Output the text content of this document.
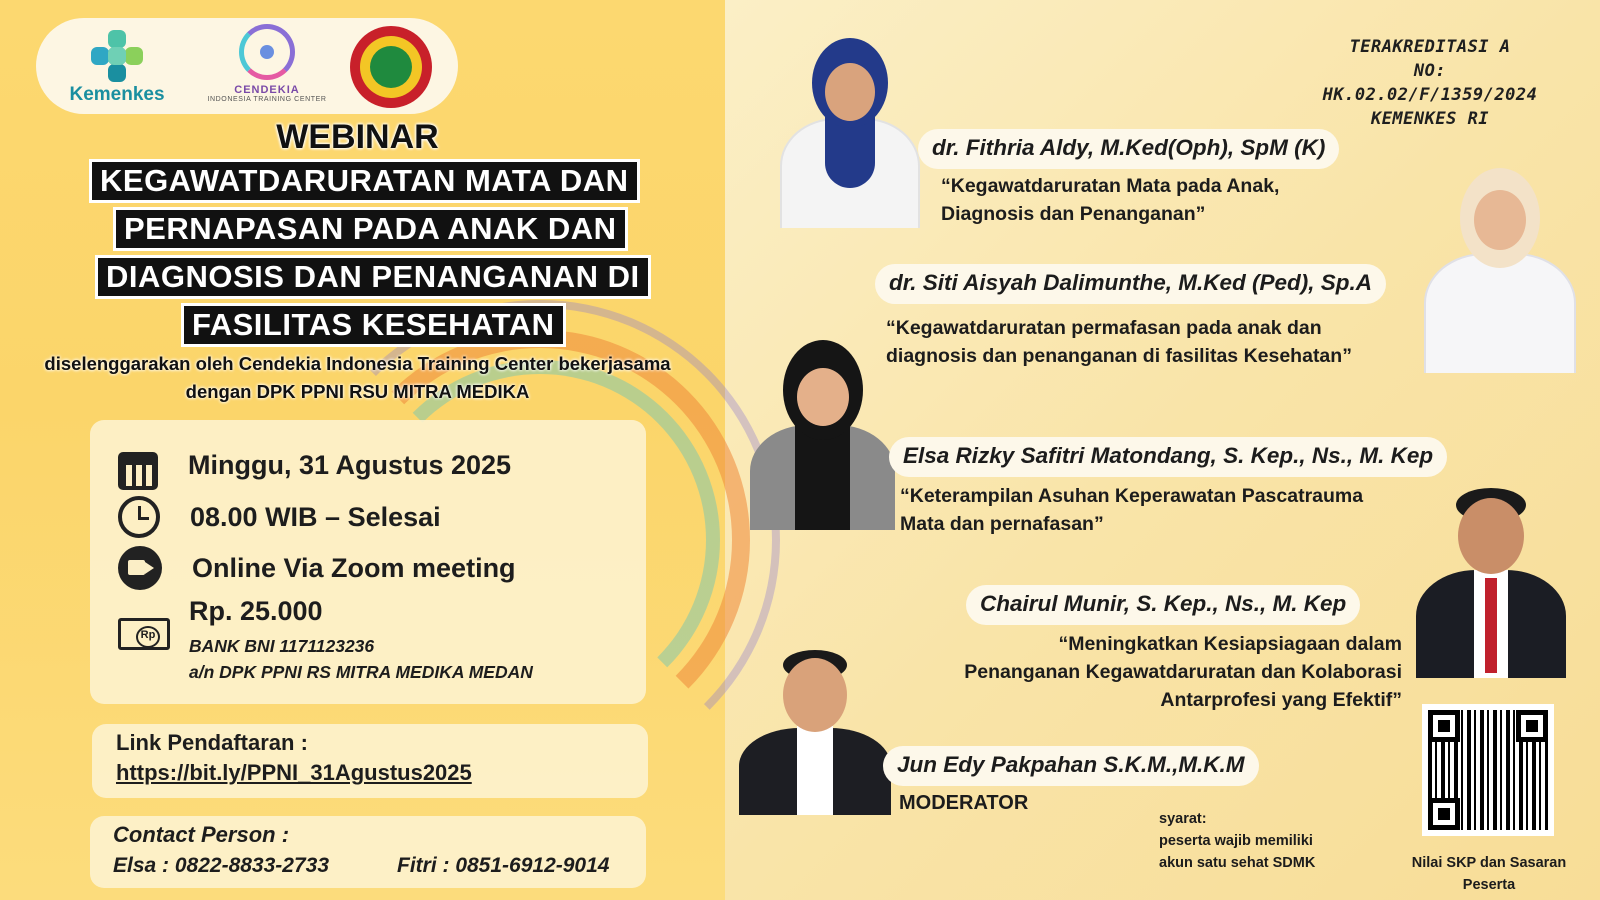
Kemenkes	CENDEKIA
INDONESIA TRAINING CENTER
WEBINAR
KEGAWATDARURATAN MATA DAN
PERNAPASAN PADA ANAK DAN
DIAGNOSIS DAN PENANGANAN DI
FASILITAS KESEHATAN
diselenggarakan oleh Cendekia Indonesia Training Center bekerjasama
dengan DPK PPNI RSU MITRA MEDIKA
Minggu, 31 Agustus 2025
08.00 WIB – Selesai
Online Via Zoom meeting
Rp
Rp. 25.000
BANK BNI 1171123236
a/n DPK PPNI RS MITRA MEDIKA MEDAN
Link Pendaftaran :
https://bit.ly/PPNI_31Agustus2025
Contact Person :
Elsa : 0822-8833-2733	Fitri : 0851-6912-9014
TERAKREDITASI A
NO: HK.02.02/F/1359/2024
KEMENKES RI
dr. Fithria Aldy, M.Ked(Oph), SpM (K)
“Kegawatdaruratan Mata pada Anak,
Diagnosis dan Penanganan”
dr. Siti Aisyah Dalimunthe, M.Ked (Ped), Sp.A
“Kegawatdaruratan permafasan pada anak dan
diagnosis dan penanganan di fasilitas Kesehatan”
Elsa Rizky Safitri Matondang, S. Kep., Ns., M. Kep
“Keterampilan Asuhan Keperawatan Pascatrauma
Mata dan pernafasan”
Chairul Munir, S. Kep., Ns., M. Kep
“Meningkatkan Kesiapsiagaan dalam
Penanganan Kegawatdaruratan dan Kolaborasi
Antarprofesi yang Efektif”
Jun Edy Pakpahan S.K.M.,M.K.M
MODERATOR
syarat:
peserta wajib memiliki
akun satu sehat SDMK	Nilai SKP dan Sasaran
Peserta
